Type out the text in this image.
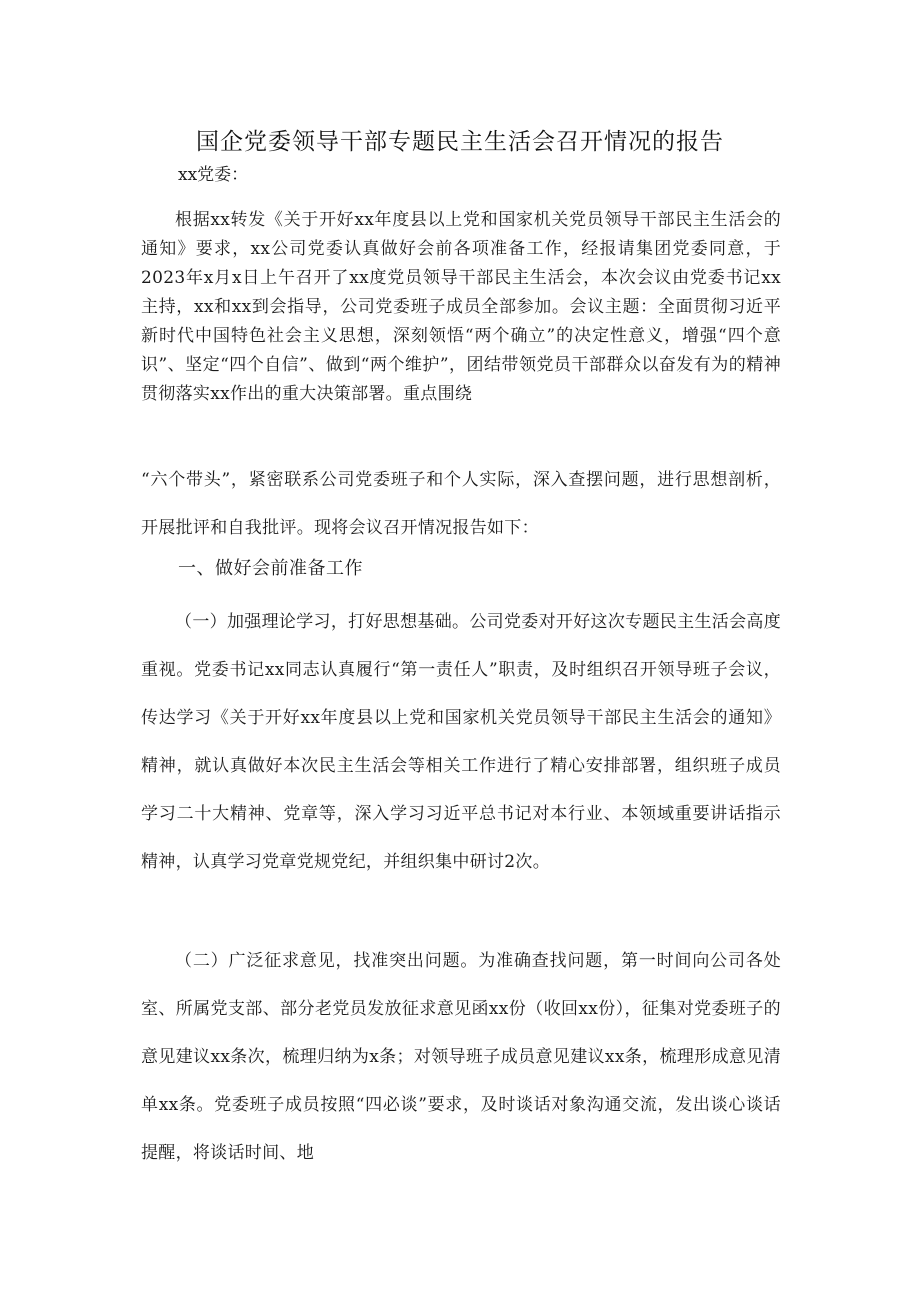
国企党委领导干部专题民主生活会召开情况的报告
xx党委：

根据xx转发《关于开好xx年度县以上党和国家机关党员领导干部民主生活会的通知》要求，xx公司党委认真做好会前各项准备工作，经报请集团党委同意，于2023年x月x日上午召开了xx度党员领导干部民主生活会，本次会议由党委书记xx主持，xx和xx到会指导，公司党委班子成员全部参加。会议主题：全面贯彻习近平新时代中国特色社会主义思想，深刻领悟“两个确立”的决定性意义，增强“四个意识”、坚定“四个自信”、做到“两个维护”，团结带领党员干部群众以奋发有为的精神贯彻落实xx作出的重大决策部署。重点围绕

“六个带头”，紧密联系公司党委班子和个人实际，深入查摆问题，进行思想剖析，开展批评和自我批评。现将会议召开情况报告如下：

一、做好会前准备工作

（一）加强理论学习，打好思想基础。公司党委对开好这次专题民主生活会高度重视。党委书记xx同志认真履行“第一责任人”职责，及时组织召开领导班子会议，传达学习《关于开好xx年度县以上党和国家机关党员领导干部民主生活会的通知》精神，就认真做好本次民主生活会等相关工作进行了精心安排部署，组织班子成员学习二十大精神、党章等，深入学习习近平总书记对本行业、本领域重要讲话指示精神，认真学习党章党规党纪，并组织集中研讨2次。

（二）广泛征求意见，找准突出问题。为准确查找问题，第一时间向公司各处室、所属党支部、部分老党员发放征求意见函xx份（收回xx份），征集对党委班子的意见建议xx条次，梳理归纳为x条；对领导班子成员意见建议xx条，梳理形成意见清单xx条。党委班子成员按照“四必谈”要求，及时谈话对象沟通交流，发出谈心谈话提醒，将谈话时间、地
